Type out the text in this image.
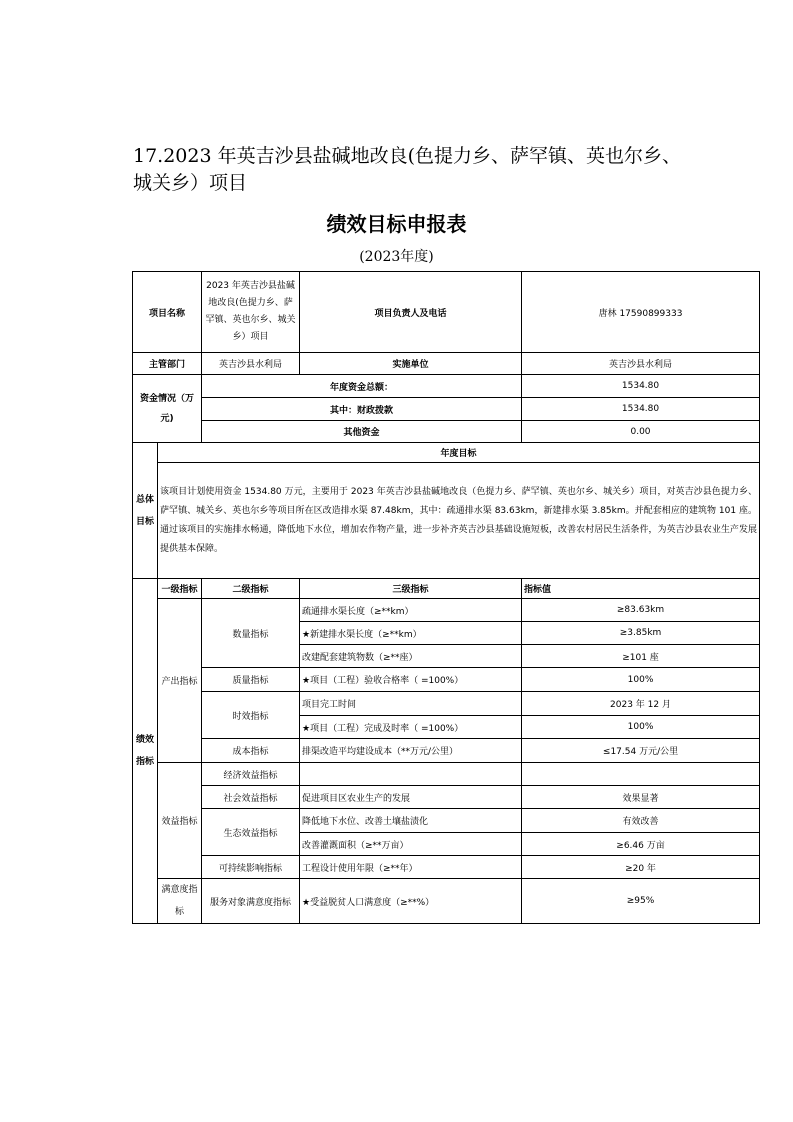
17.2023 年英吉沙县盐碱地改良(色提力乡、萨罕镇、英也尔乡、城关乡）项目
绩效目标申报表
(2023年度)
项目名称		2023 年英吉沙县盐碱地改良(色提力乡、萨罕镇、英也尔乡、城关乡）项目	项目负责人及电话	唐林 17590899333
主管部门		英吉沙县水利局	实施单位	英吉沙县水利局
资金情况（万元)		年度资金总额：		1534.80
		其中：财政拨款		1534.80
		其他资金		0.00
总体目标	年度目标			
	该项目计划使用资金 1534.80 万元，主要用于 2023 年英吉沙县盐碱地改良（色提力乡、萨罕镇、英也尔乡、城关乡）项目，对英吉沙县色提力乡、萨罕镇、城关乡、英也尔乡等项目所在区改造排水渠 87.48km，其中：疏通排水渠 83.63km，新建排水渠 3.85km。并配套相应的建筑物 101 座。通过该项目的实施排水畅通，降低地下水位，增加农作物产量，进一步补齐英吉沙县基础设施短板，改善农村居民生活条件，为英吉沙县农业生产发展提供基本保障。			
绩效指标	一级指标	二级指标	三级指标	指标值
	产出指标	数量指标	疏通排水渠长度（≥**km）	≥83.63km
			★新建排水渠长度（≥**km）	≥3.85km
			改建配套建筑物数（≥**座）	≥101 座
		质量指标	★项目（工程）验收合格率（ =100%）	100%
		时效指标	项目完工时间	2023 年 12 月
			★项目（工程）完成及时率（ =100%）	100%
		成本指标	排渠改造平均建设成本（**万元/公里）	≤17.54 万元/公里
	效益指标	经济效益指标		
		社会效益指标	促进项目区农业生产的发展	效果显著
		生态效益指标	降低地下水位、改善土壤盐渍化	有效改善
			改善灌溉面积（≥**万亩）	≥6.46 万亩
		可持续影响指标	工程设计使用年限（≥**年）	≥20 年
	满意度指标	服务对象满意度指标	★受益脱贫人口满意度（≥**%）	≥95%
